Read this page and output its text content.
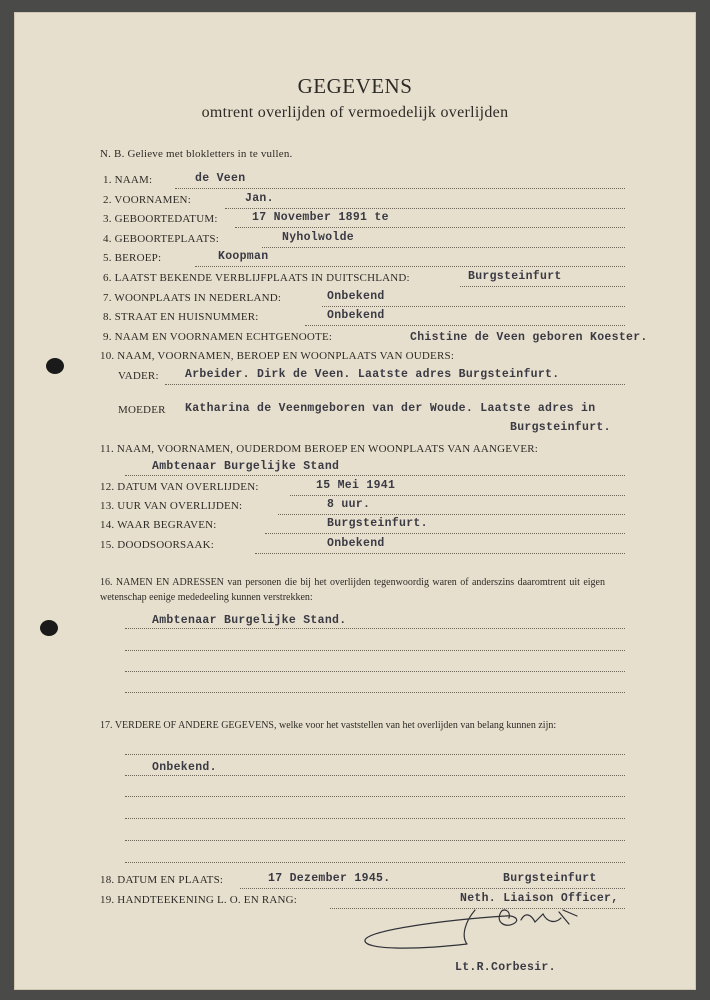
GEGEVENS
omtrent overlijden of vermoedelijk overlijden
N. B. Gelieve met blokletters in te vullen.
1. NAAM:	de Veen
2. VOORNAMEN:	Jan.
3. GEBOORTEDATUM:	17 November 1891 te
4. GEBOORTEPLAATS:	Nyholwolde
5. BEROEP:	Koopman
6. LAATST BEKENDE VERBLIJFPLAATS IN DUITSCHLAND:	Burgsteinfurt
7. WOONPLAATS IN NEDERLAND:	Onbekend
8. STRAAT EN HUISNUMMER:	Onbekend
9. NAAM EN VOORNAMEN ECHTGENOOTE:	Chistine de Veen geboren Koester.
10. NAAM, VOORNAMEN, BEROEP EN WOONPLAATS VAN OUDERS:
VADER: Arbeider. Dirk de Veen. Laatste adres Burgsteinfurt.
MOEDER Katharina de Veenmgeboren van der Woude. Laatste adres in
Burgsteinfurt.
11. NAAM, VOORNAMEN, OUDERDOM BEROEP EN WOONPLAATS VAN AANGEVER:
Ambtenaar Burgelijke Stand
12. DATUM VAN OVERLIJDEN:	15 Mei 1941
13. UUR VAN OVERLIJDEN:	8 uur.
14. WAAR BEGRAVEN:	Burgsteinfurt.
15. DOODSOORSAAK:	Onbekend
16. NAMEN EN ADRESSEN van personen die bij het overlijden tegenwoordig waren of anderszins daaromtrent uit eigen wetenschap eenige mededeeling kunnen verstrekken:
Ambtenaar Burgelijke Stand.
17. VERDERE OF ANDERE GEGEVENS, welke voor het vaststellen van het overlijden van belang kunnen zijn:
Onbekend.
18. DATUM EN PLAATS:	17 Dezember 1945.	Burgsteinfurt
19. HANDTEEKENING L. O. EN RANG:	Neth. Liaison Officer,
Lt.R.Corbesir.
